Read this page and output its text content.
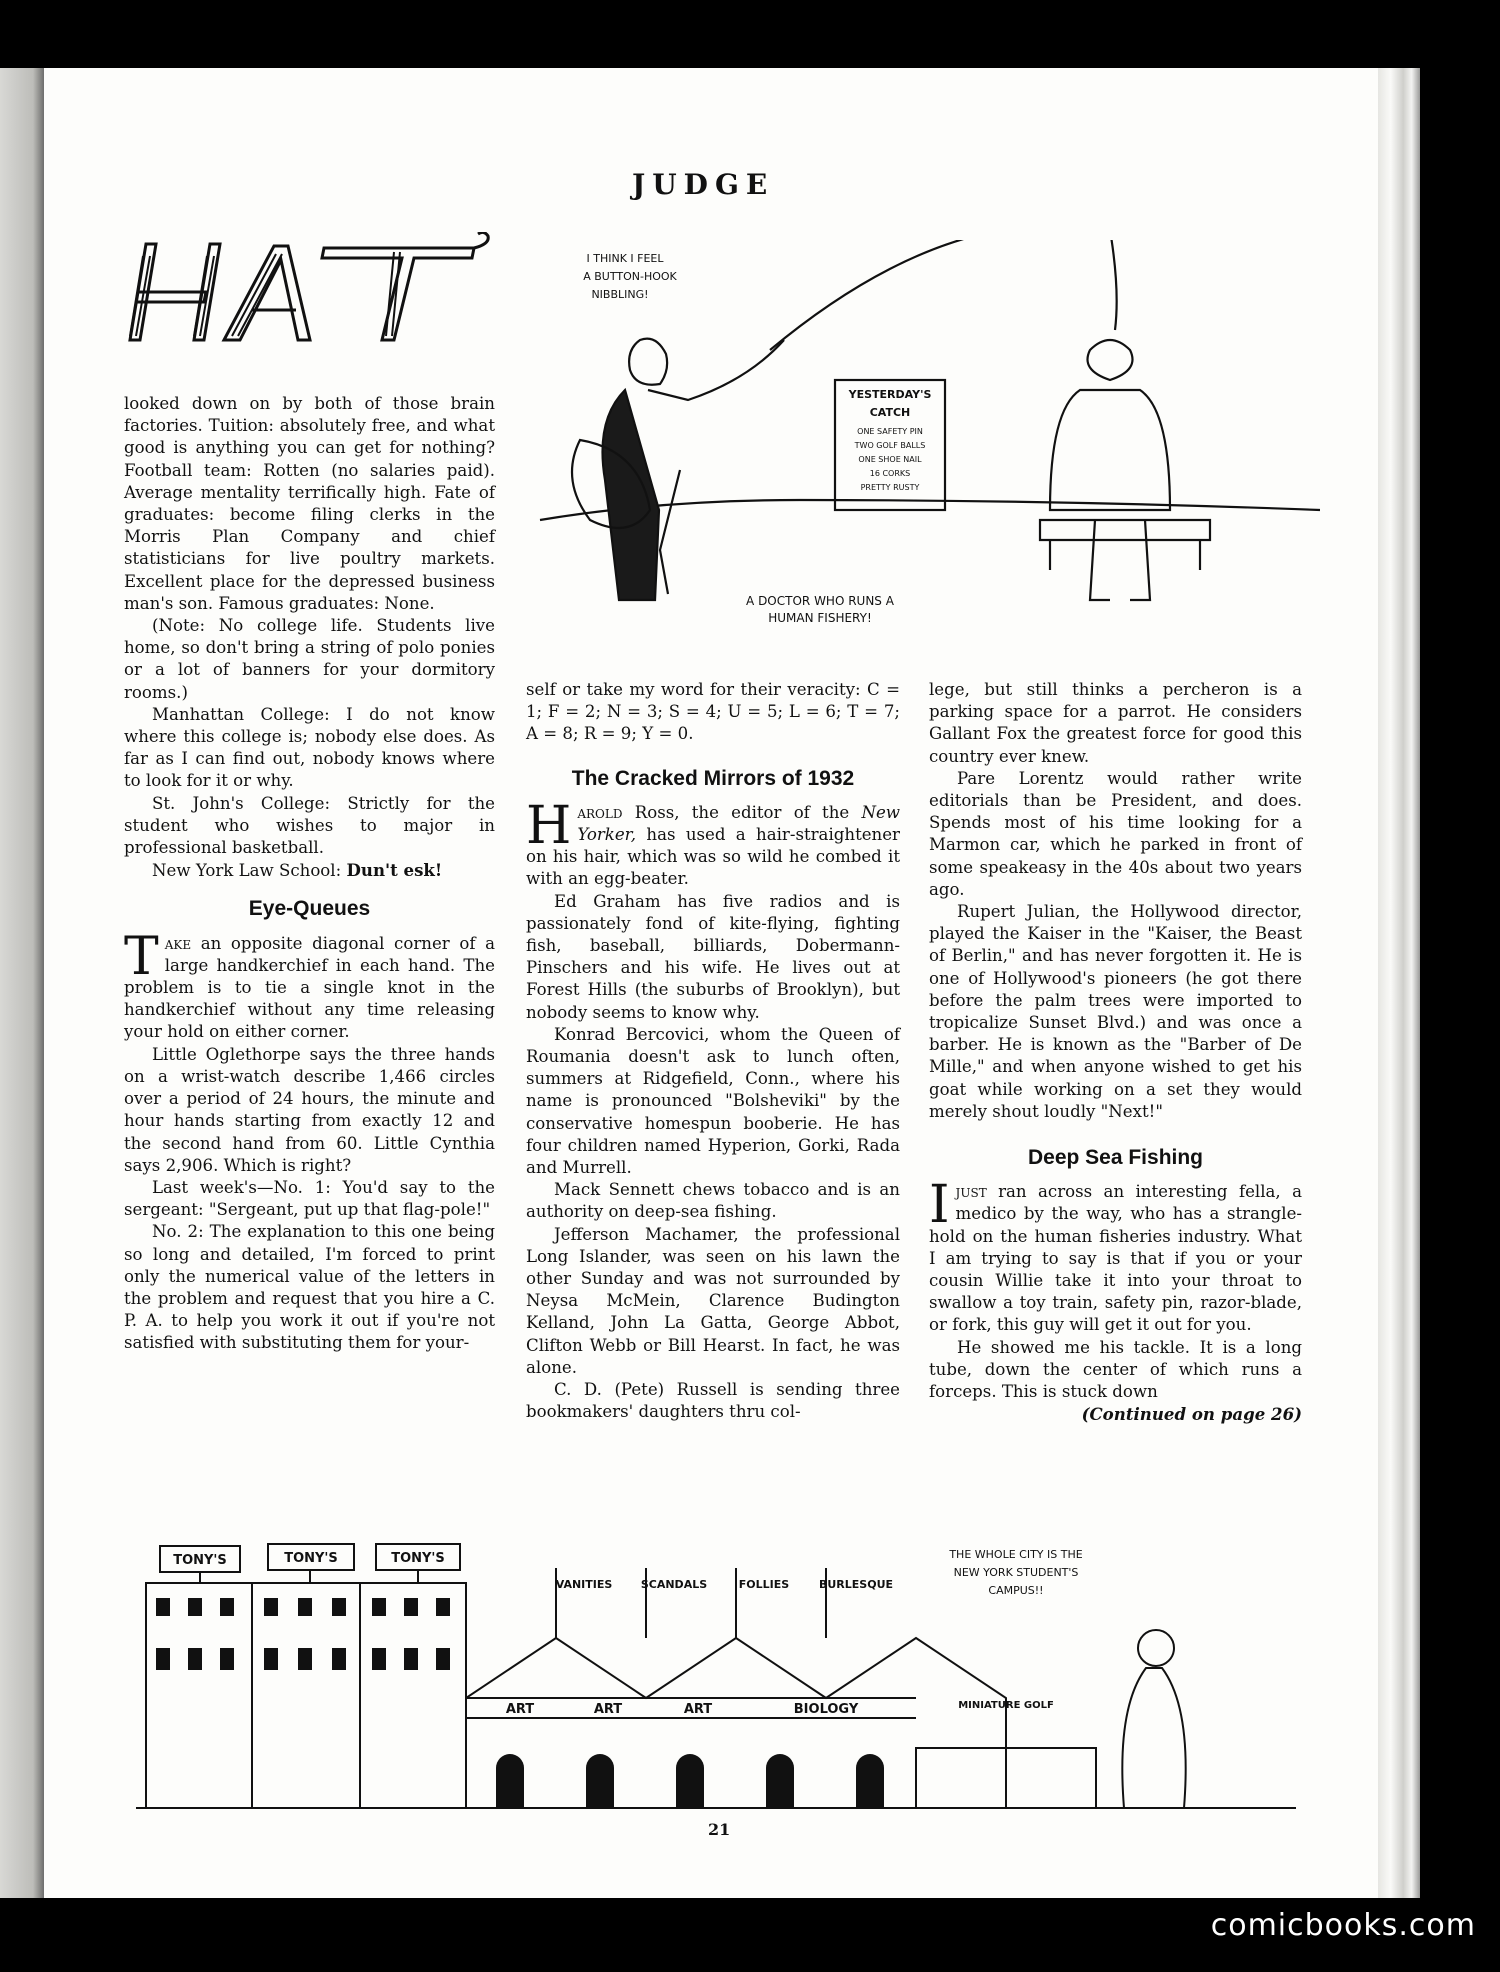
JUDGE
I THINK I FEEL
A BUTTON-HOOK
NIBBLING!
YESTERDAY'S
CATCH
ONE SAFETY PIN
TWO GOLF BALLS
ONE SHOE NAIL
16 CORKS
PRETTY RUSTY
A DOCTOR WHO RUNS A
HUMAN FISHERY!

looked down on by both of those brain factories. Tuition: absolutely free, and what good is anything you can get for nothing? Football team: Rotten (no salaries paid). Average mentality terrifically high. Fate of graduates: become filing clerks in the Morris Plan Company and chief statisticians for live poultry markets. Excellent place for the depressed business man's son. Famous graduates: None.

(Note: No college life. Students live home, so don't bring a string of polo ponies or a lot of banners for your dormitory rooms.)

Manhattan College: I do not know where this college is; nobody else does. As far as I can find out, nobody knows where to look for it or why.

St. John's College: Strictly for the student who wishes to major in professional basketball.

New York Law School: Dun't esk!

Eye-Queues

Take an opposite diagonal corner of a large handkerchief in each hand. The problem is to tie a single knot in the handkerchief without any time releasing your hold on either corner.

Little Oglethorpe says the three hands on a wrist-watch describe 1,466 circles over a period of 24 hours, the minute and hour hands starting from exactly 12 and the second hand from 60. Little Cynthia says 2,906. Which is right?

Last week's—No. 1: You'd say to the sergeant: "Sergeant, put up that flag-pole!"

No. 2: The explanation to this one being so long and detailed, I'm forced to print only the numerical value of the letters in the problem and request that you hire a C. P. A. to help you work it out if you're not satisfied with substituting them for your-

self or take my word for their veracity: C = 1; F = 2; N = 3; S = 4; U = 5; L = 6; T = 7; A = 8; R = 9; Y = 0.

The Cracked Mirrors of 1932

Harold Ross, the editor of the New Yorker, has used a hair-straightener on his hair, which was so wild he combed it with an egg-beater.

Ed Graham has five radios and is passionately fond of kite-flying, fighting fish, baseball, billiards, Dobermann-Pinschers and his wife. He lives out at Forest Hills (the suburbs of Brooklyn), but nobody seems to know why.

Konrad Bercovici, whom the Queen of Roumania doesn't ask to lunch often, summers at Ridgefield, Conn., where his name is pronounced "Bolsheviki" by the conservative homespun booberie. He has four children named Hyperion, Gorki, Rada and Murrell.

Mack Sennett chews tobacco and is an authority on deep-sea fishing.

Jefferson Machamer, the professional Long Islander, was seen on his lawn the other Sunday and was not surrounded by Neysa McMein, Clarence Budington Kelland, John La Gatta, George Abbot, Clifton Webb or Bill Hearst. In fact, he was alone.

C. D. (Pete) Russell is sending three bookmakers' daughters thru col-

lege, but still thinks a percheron is a parking space for a parrot. He considers Gallant Fox the greatest force for good this country ever knew.

Pare Lorentz would rather write editorials than be President, and does. Spends most of his time looking for a Marmon car, which he parked in front of some speakeasy in the 40s about two years ago.

Rupert Julian, the Hollywood director, played the Kaiser in the "Kaiser, the Beast of Berlin," and has never forgotten it. He is one of Hollywood's pioneers (he got there before the palm trees were imported to tropicalize Sunset Blvd.) and was once a barber. He is known as the "Barber of De Mille," and when anyone wished to get his goat while working on a set they would merely shout loudly "Next!"

Deep Sea Fishing

Ijust ran across an interesting fella, a medico by the way, who has a strangle-hold on the human fisheries industry. What I am trying to say is that if you or your cousin Willie take it into your throat to swallow a toy train, safety pin, razor-blade, or fork, this guy will get it out for you.

He showed me his tackle. It is a long tube, down the center of which runs a forceps. This is stuck down

(Continued on page 26)

TONY'S	TONY'S	TONY'S
VANITIES	SCANDALS	FOLLIES	BURLESQUE
ART	ART	ART	BIOLOGY	MINIATURE GOLF
THE WHOLE CITY IS THE
NEW YORK STUDENT'S
CAMPUS!!
21
comicbooks.com
